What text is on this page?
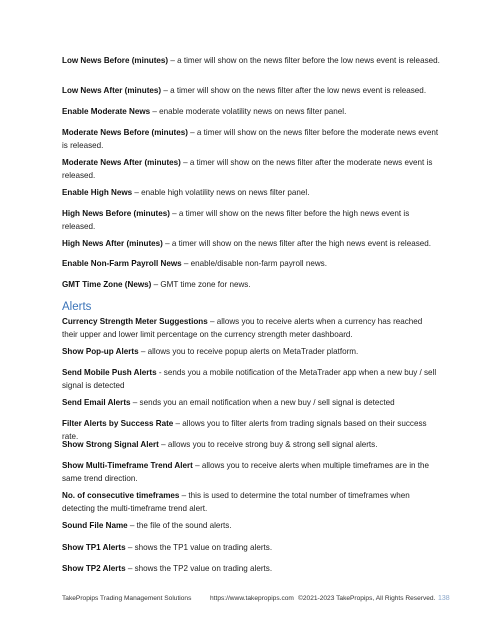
Low News Before (minutes) – a timer will show on the news filter before the low news event is released.
Low News After (minutes) – a timer will show on the news filter after the low news event is released.
Enable Moderate News – enable moderate volatility news on news filter panel.
Moderate News Before (minutes) – a timer will show on the news filter before the moderate news event is released.
Moderate News After (minutes) – a timer will show on the news filter after the moderate news event is released.
Enable High News – enable high volatility news on news filter panel.
High News Before (minutes) – a timer will show on the news filter before the high news event is released.
High News After (minutes) – a timer will show on the news filter after the high news event is released.
Enable Non-Farm Payroll News – enable/disable non-farm payroll news.
GMT Time Zone (News) – GMT time zone for news.
Alerts
Currency Strength Meter Suggestions – allows you to receive alerts when a currency has reached their upper and lower limit percentage on the currency strength meter dashboard.
Show Pop-up Alerts – allows you to receive popup alerts on MetaTrader platform.
Send Mobile Push Alerts - sends you a mobile notification of the MetaTrader app when a new buy / sell signal is detected
Send Email Alerts – sends you an email notification when a new buy / sell signal is detected
Filter Alerts by Success Rate – allows you to filter alerts from trading signals based on their success rate.
Show Strong Signal Alert – allows you to receive strong buy & strong sell signal alerts.
Show Multi-Timeframe Trend Alert – allows you to receive alerts when multiple timeframes are in the same trend direction.
No. of consecutive timeframes – this is used to determine the total number of timeframes when detecting the multi-timeframe trend alert.
Sound File Name – the file of the sound alerts.
Show TP1 Alerts – shows the TP1 value on trading alerts.
Show TP2 Alerts – shows the TP2 value on trading alerts.
TakePropips Trading Management Solutions	https://www.takepropips.com ©2021-2023 TakePropips, All Rights Reserved. 138
